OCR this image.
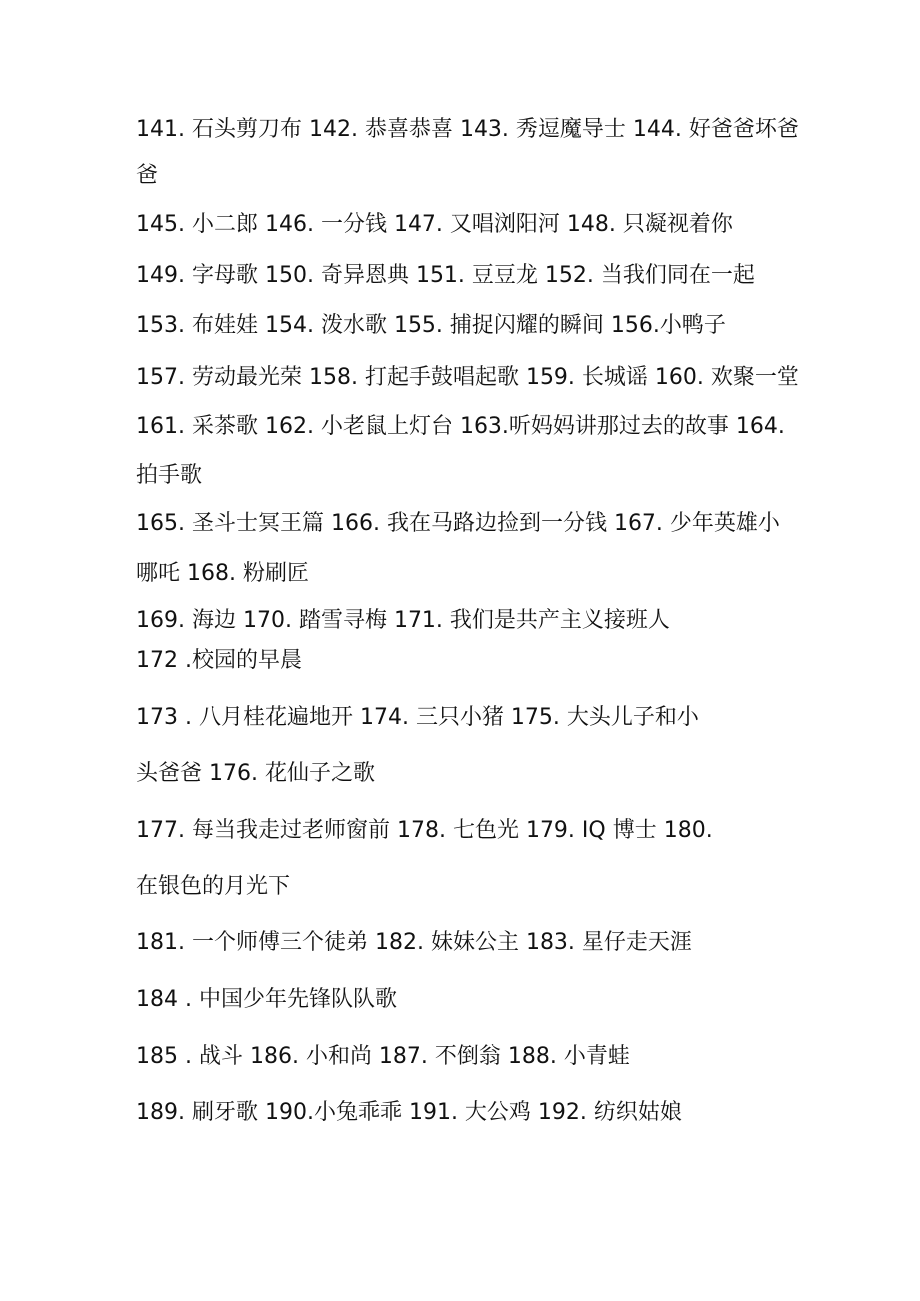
141. 石头剪刀布 142. 恭喜恭喜 143. 秀逗魔导士 144. 好爸爸坏爸
爸
145. 小二郎 146. 一分钱 147. 又唱浏阳河 148. 只凝视着你
149. 字母歌 150. 奇异恩典 151. 豆豆龙 152. 当我们同在一起
153. 布娃娃 154. 泼水歌 155. 捕捉闪耀的瞬间 156.小鸭子
157. 劳动最光荣 158. 打起手鼓唱起歌 159. 长城谣 160. 欢聚一堂
161. 采茶歌 162. 小老鼠上灯台 163.听妈妈讲那过去的故事 164.
拍手歌
165. 圣斗士冥王篇 166. 我在马路边捡到一分钱 167. 少年英雄小
哪吒 168. 粉刷匠
169. 海边 170. 踏雪寻梅 171. 我们是共产主义接班人
172 .校园的早晨
173 . 八月桂花遍地开 174. 三只小猪 175. 大头儿子和小
头爸爸 176. 花仙子之歌
177. 每当我走过老师窗前 178. 七色光 179. IQ 博士 180.
在银色的月光下
181. 一个师傅三个徒弟 182. 妹妹公主 183. 星仔走天涯
184 . 中国少年先锋队队歌
185 . 战斗 186. 小和尚 187. 不倒翁 188. 小青蛙
189. 刷牙歌 190.小兔乖乖 191. 大公鸡 192. 纺织姑娘
